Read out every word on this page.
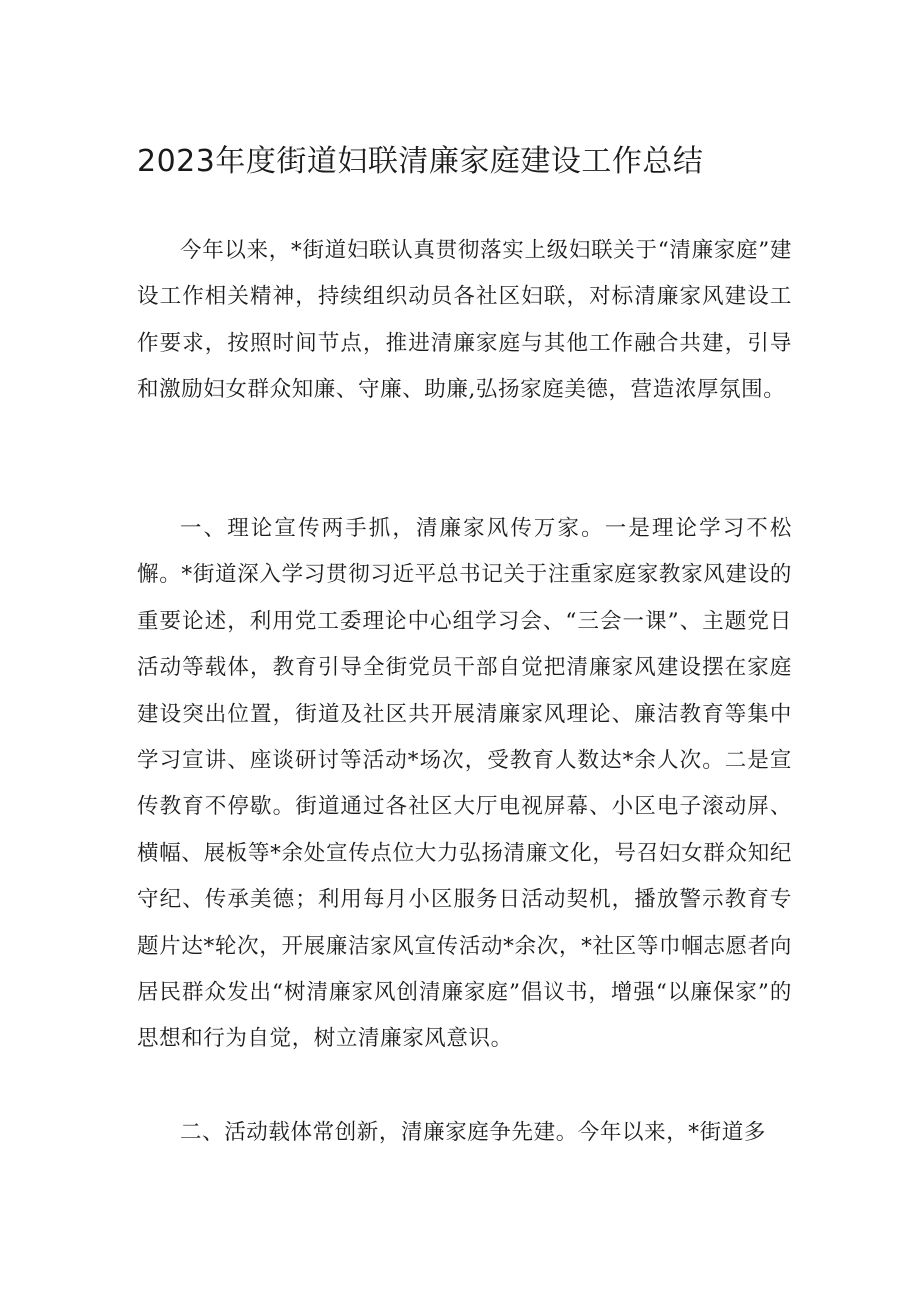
2023年度街道妇联清廉家庭建设工作总结

今年以来，*街道妇联认真贯彻落实上级妇联关于“清廉家庭”建设工作相关精神，持续组织动员各社区妇联，对标清廉家风建设工作要求，按照时间节点，推进清廉家庭与其他工作融合共建，引导和激励妇女群众知廉、守廉、助廉,弘扬家庭美德，营造浓厚氛围。

一、理论宣传两手抓，清廉家风传万家。一是理论学习不松懈。*街道深入学习贯彻习近平总书记关于注重家庭家教家风建设的重要论述，利用党工委理论中心组学习会、“三会一课”、主题党日活动等载体，教育引导全街党员干部自觉把清廉家风建设摆在家庭建设突出位置，街道及社区共开展清廉家风理论、廉洁教育等集中学习宣讲、座谈研讨等活动*场次，受教育人数达*余人次。二是宣传教育不停歇。街道通过各社区大厅电视屏幕、小区电子滚动屏、横幅、展板等*余处宣传点位大力弘扬清廉文化，号召妇女群众知纪守纪、传承美德；利用每月小区服务日活动契机，播放警示教育专题片达*轮次，开展廉洁家风宣传活动*余次，*社区等巾帼志愿者向居民群众发出“树清廉家风创清廉家庭”倡议书，增强“以廉保家”的思想和行为自觉，树立清廉家风意识。

二、活动载体常创新，清廉家庭争先建。今年以来，*街道多
